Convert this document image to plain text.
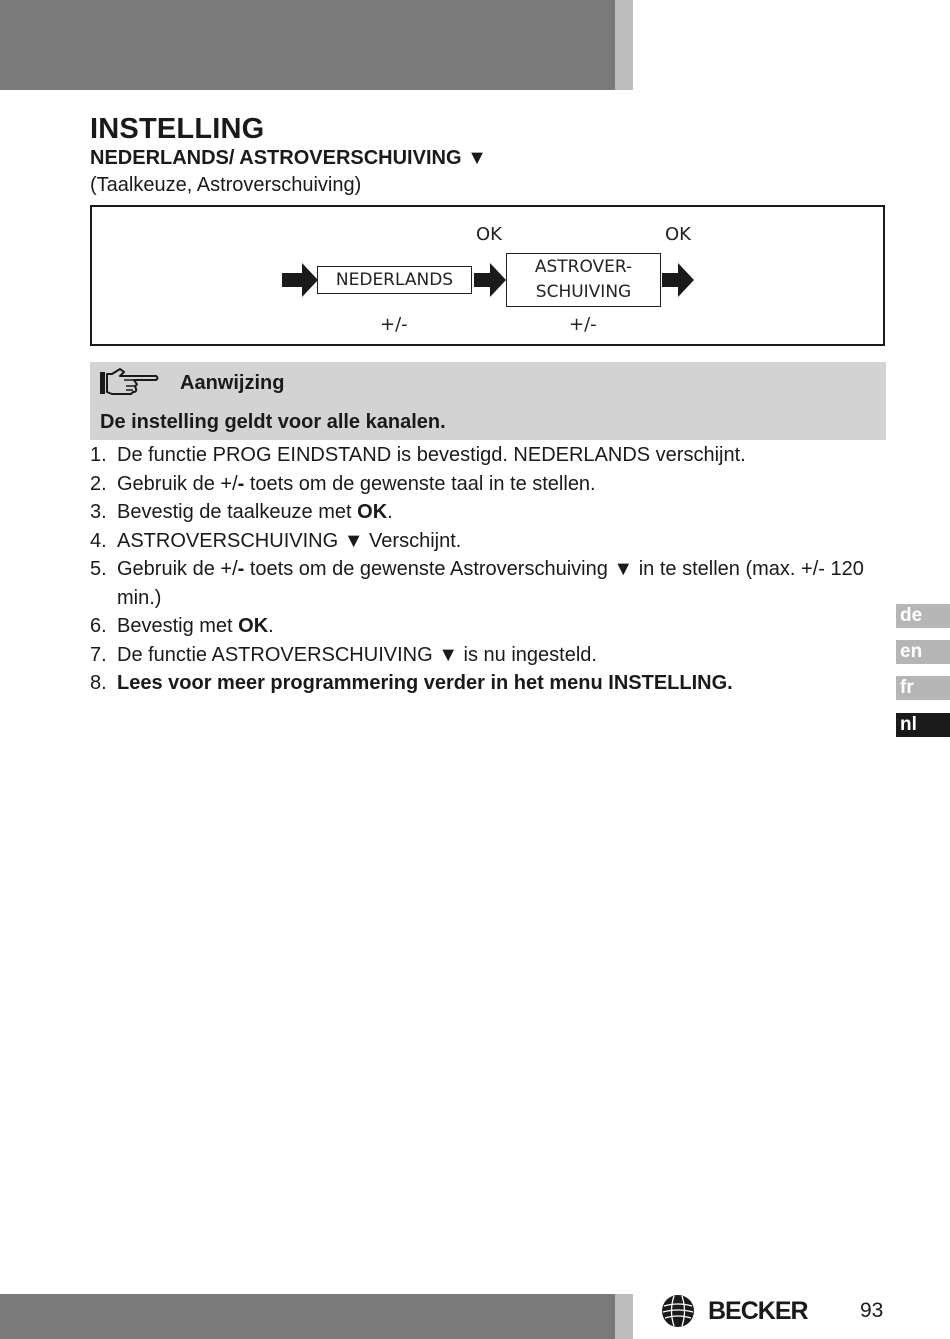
INSTELLING
NEDERLANDS/ ASTROVERSCHUIVING ▼
(Taalkeuze, Astroverschuiving)
OK	OK
NEDERLANDS
ASTROVER-
SCHUIVING
+/-	+/-
Aanwijzing
De instelling geldt voor alle kanalen.
1. De functie PROG EINDSTAND is bevestigd. NEDERLANDS verschijnt.
2. Gebruik de +/- toets om de gewenste taal in te stellen.
3. Bevestig de taalkeuze met OK.
4. ASTROVERSCHUIVING ▼ Verschijnt.
5. Gebruik de +/- toets om de gewenste Astroverschuiving ▼ in te stellen (max. +/- 120 min.)
6. Bevestig met OK.
7. De functie ASTROVERSCHUIVING ▼ is nu ingesteld.
8. Lees voor meer programmering verder in het menu INSTELLING.
de
en
fr
nl
BECKER 93
